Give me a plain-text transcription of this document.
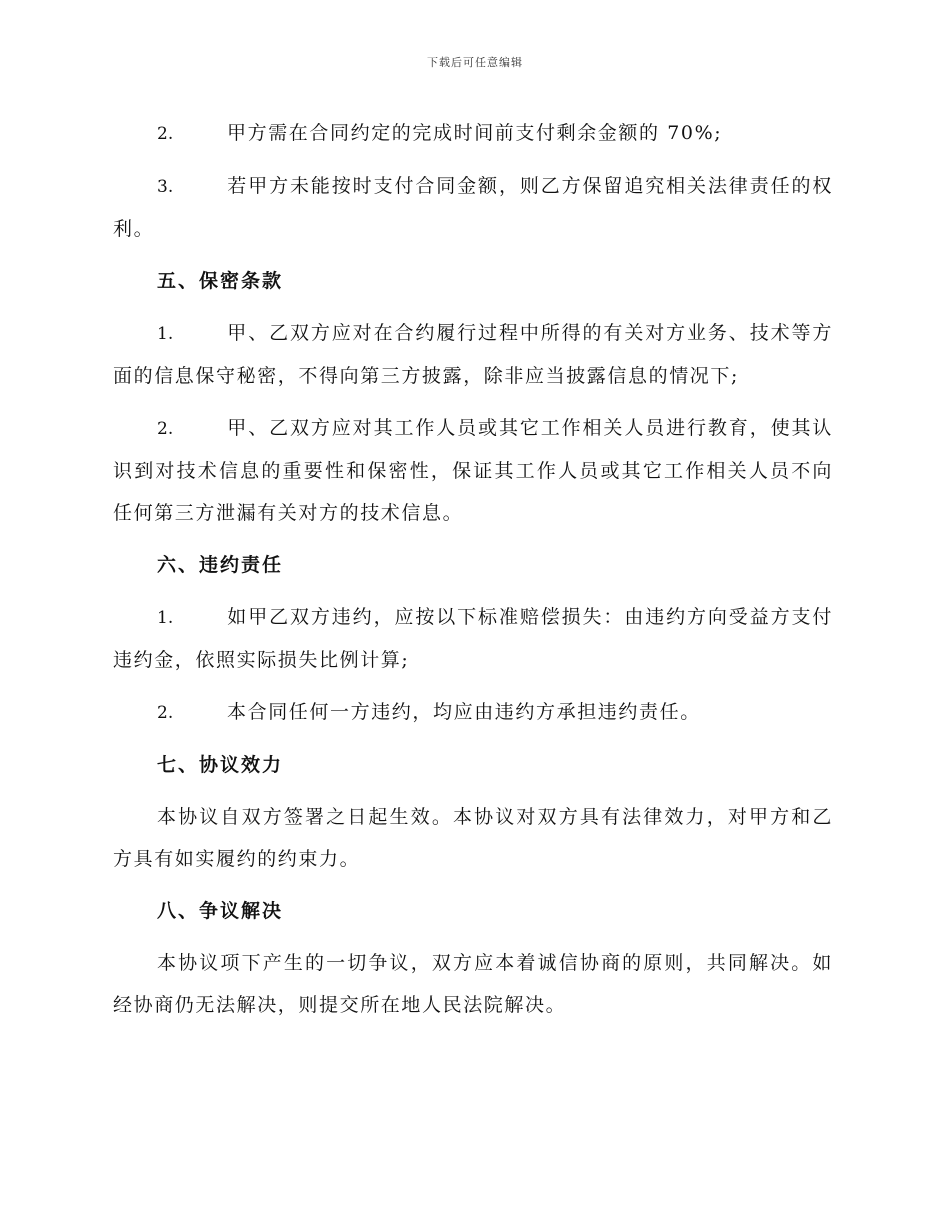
下载后可任意编辑

2.	甲方需在合同约定的完成时间前支付剩余金额的 70%;

3.	若甲方未能按时支付合同金额，则乙方保留追究相关法律责任的权利。

五、保密条款

1.	甲、乙双方应对在合约履行过程中所得的有关对方业务、技术等方面的信息保守秘密，不得向第三方披露，除非应当披露信息的情况下;

2.	甲、乙双方应对其工作人员或其它工作相关人员进行教育，使其认识到对技术信息的重要性和保密性，保证其工作人员或其它工作相关人员不向任何第三方泄漏有关对方的技术信息。

六、违约责任

1.	如甲乙双方违约，应按以下标准赔偿损失：由违约方向受益方支付违约金，依照实际损失比例计算;

2.	本合同任何一方违约，均应由违约方承担违约责任。

七、协议效力

本协议自双方签署之日起生效。本协议对双方具有法律效力，对甲方和乙方具有如实履约的约束力。

八、争议解决

本协议项下产生的一切争议，双方应本着诚信协商的原则，共同解决。如经协商仍无法解决，则提交所在地人民法院解决。
